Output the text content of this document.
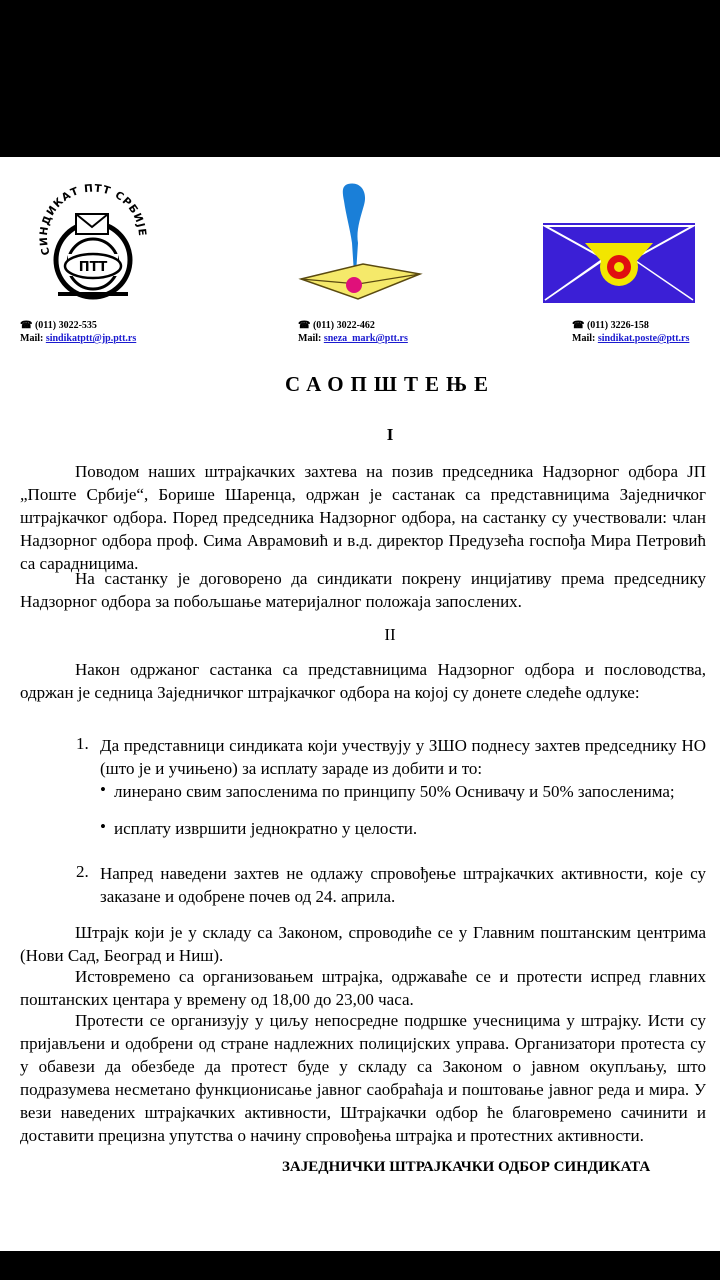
СИНДИКАТ ПТТ СРБИЈЕ
ПТТ
☎ (011) 3022-535
Mail: sindikatptt@jp.ptt.rs
☎ (011) 3022-462
Mail: sneza_mark@ptt.rs
☎ (011) 3226-158
Mail: sindikat.poste@ptt.rs
САОПШТЕЊЕ
I
Поводом наших штрајкачких захтева на позив председника Надзорног одбора ЈП „Поште Србије“, Борише Шаренца, одржан је састанак са представницима Заједничког штрајкачког одбора. Поред председника Надзорног одбора, на састанку су учествовали: члан Надзорног одбора проф. Сима Аврамовић и в.д. директор Предузећа госпођа Мира Петровић са сарадницима.
На састанку је договорено да синдикати покрену инцијативу према председнику Надзорног одбора за побољшање материјалног положаја запослених.
II
Након одржаног састанка са представницима Надзорног одбора и пословодства, одржан је седница Заједничког штрајкачког одбора на којој су донете следеће одлуке:
1. Да представници синдиката који учествују у ЗШО поднесу захтев председнику НО (што је и учињено) за исплату зараде из добити и то:
• линерано свим запосленима по принципу 50% Оснивачу и 50% запосленима;
• исплату извршити једнократно у целости.
2. Напред наведени захтев не одлажу спровођење штрајкачких активности, које су заказане и одобрене почев од 24. априла.
Штрајк који је у складу са Законом, спроводиће се у Главним поштанским центрима (Нови Сад, Београд и Ниш).
Истовремено са организовањем штрајка, одржаваће се и протести испред главних поштанских центара у времену од 18,00 до 23,00 часа.
Протести се организују у циљу непосредне подршке учесницима у штрајку. Исти су пријављени и одобрени од стране надлежних полицијских управа. Организатори протеста су у обавези да обезбеде да протест буде у складу са Законом о јавном окупљању, што подразумева несметано функционисање јавног саобраћаја и поштовање јавног реда и мира. У вези наведених штрајкачких активности, Штрајкачки одбор ће благовремено сачинити и доставити прецизна упутства о начину спровођења штрајка и протестних активности.
ЗАЈЕДНИЧКИ ШТРАЈКАЧКИ ОДБОР СИНДИКАТА
